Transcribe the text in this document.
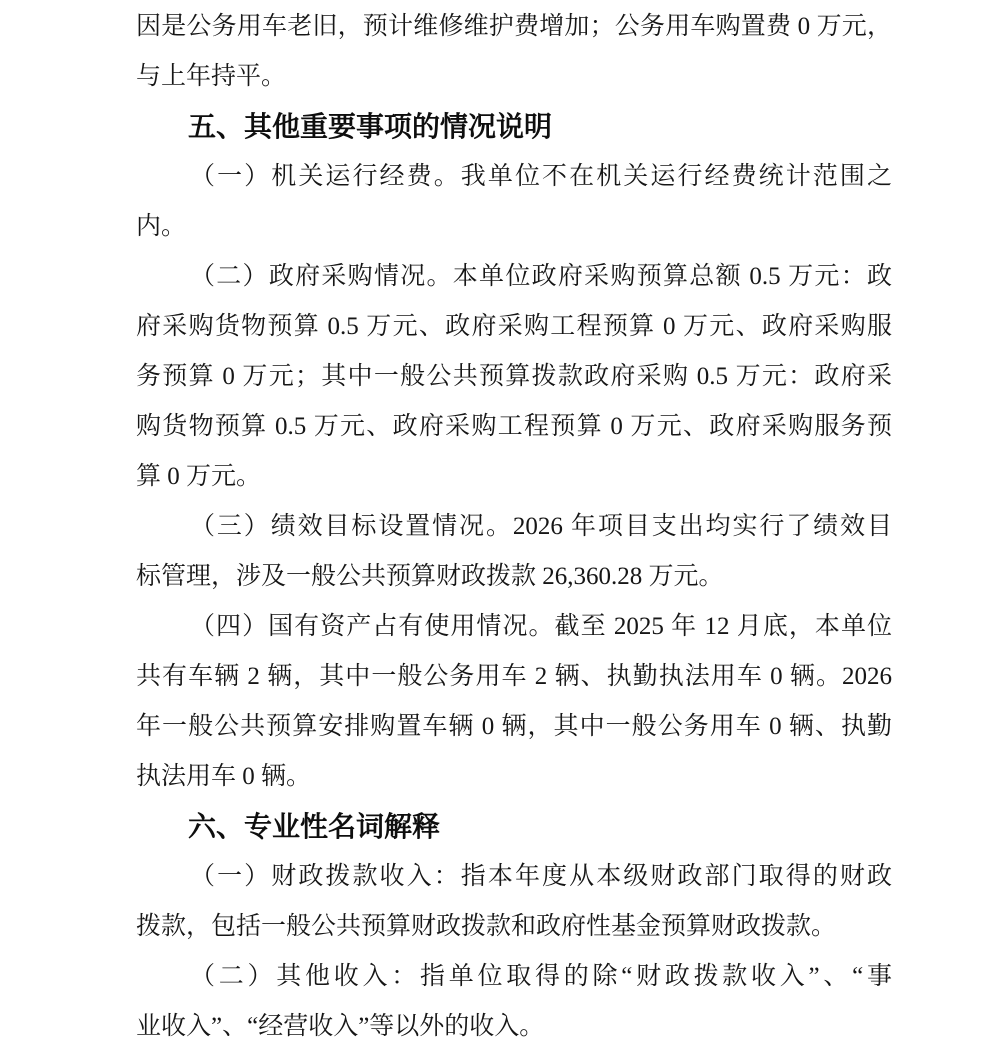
因是公务用车老旧，预计维修维护费增加；公务用车购置费 0 万元，
与上年持平。
五、其他重要事项的情况说明
（一）机关运行经费。我单位不在机关运行经费统计范围之
内。
（二）政府采购情况。本单位政府采购预算总额 0.5 万元：政
府采购货物预算 0.5 万元、政府采购工程预算 0 万元、政府采购服
务预算 0 万元；其中一般公共预算拨款政府采购 0.5 万元：政府采
购货物预算 0.5 万元、政府采购工程预算 0 万元、政府采购服务预
算 0 万元。
（三）绩效目标设置情况。2026 年项目支出均实行了绩效目
标管理，涉及一般公共预算财政拨款 26,360.28 万元。
（四）国有资产占有使用情况。截至 2025 年 12 月底，本单位
共有车辆 2 辆，其中一般公务用车 2 辆、执勤执法用车 0 辆。2026
年一般公共预算安排购置车辆 0 辆，其中一般公务用车 0 辆、执勤
执法用车 0 辆。
六、专业性名词解释
（一）财政拨款收入：指本年度从本级财政部门取得的财政
拨款，包括一般公共预算财政拨款和政府性基金预算财政拨款。
（二）其他收入：指单位取得的除“财政拨款收入”、“事
业收入”、“经营收入”等以外的收入。
